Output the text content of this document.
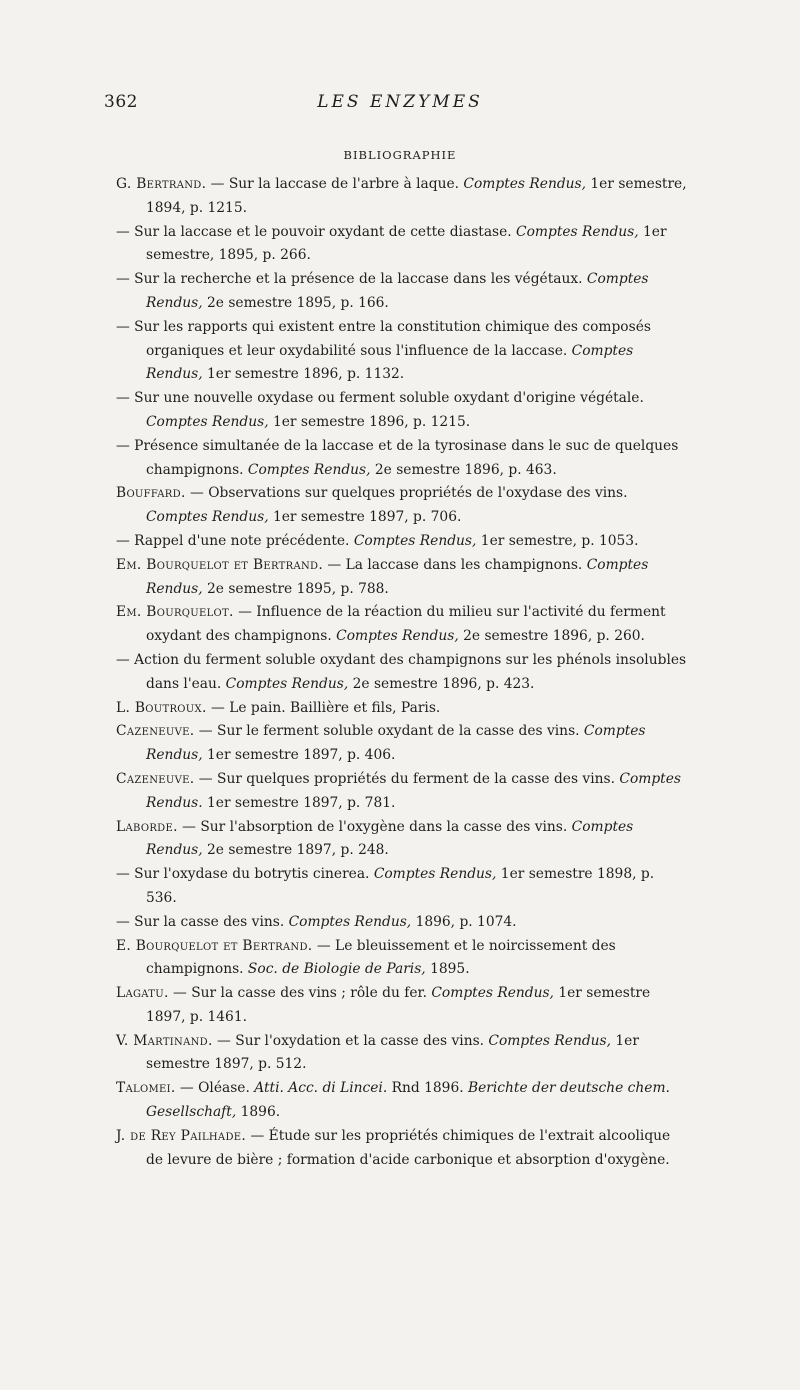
362	LES ENZYMES
BIBLIOGRAPHIE
G. Bertrand. — Sur la laccase de l'arbre à laque. Comptes Rendus, 1er semestre, 1894, p. 1215.
— Sur la laccase et le pouvoir oxydant de cette diastase. Comptes Rendus, 1er semestre, 1895, p. 266.
— Sur la recherche et la présence de la laccase dans les végétaux. Comptes Rendus, 2e semestre 1895, p. 166.
— Sur les rapports qui existent entre la constitution chimique des composés organiques et leur oxydabilité sous l'influence de la laccase. Comptes Rendus, 1er semestre 1896, p. 1132.
— Sur une nouvelle oxydase ou ferment soluble oxydant d'origine végétale. Comptes Rendus, 1er semestre 1896, p. 1215.
— Présence simultanée de la laccase et de la tyrosinase dans le suc de quelques champignons. Comptes Rendus, 2e semestre 1896, p. 463.
Bouffard. — Observations sur quelques propriétés de l'oxydase des vins. Comptes Rendus, 1er semestre 1897, p. 706.
— Rappel d'une note précédente. Comptes Rendus, 1er semestre, p. 1053.
Em. Bourquelot et Bertrand. — La laccase dans les champignons. Comptes Rendus, 2e semestre 1895, p. 788.
Em. Bourquelot. — Influence de la réaction du milieu sur l'activité du ferment oxydant des champignons. Comptes Rendus, 2e semestre 1896, p. 260.
— Action du ferment soluble oxydant des champignons sur les phénols insolubles dans l'eau. Comptes Rendus, 2e semestre 1896, p. 423.
L. Boutroux. — Le pain. Baillière et fils, Paris.
Cazeneuve. — Sur le ferment soluble oxydant de la casse des vins. Comptes Rendus, 1er semestre 1897, p. 406.
Cazeneuve. — Sur quelques propriétés du ferment de la casse des vins. Comptes Rendus. 1er semestre 1897, p. 781.
Laborde. — Sur l'absorption de l'oxygène dans la casse des vins. Comptes Rendus, 2e semestre 1897, p. 248.
— Sur l'oxydase du botrytis cinerea. Comptes Rendus, 1er semestre 1898, p. 536.
— Sur la casse des vins. Comptes Rendus, 1896, p. 1074.
E. Bourquelot et Bertrand. — Le bleuissement et le noircissement des champignons. Soc. de Biologie de Paris, 1895.
Lagatu. — Sur la casse des vins ; rôle du fer. Comptes Rendus, 1er semestre 1897, p. 1461.
V. Martinand. — Sur l'oxydation et la casse des vins. Comptes Rendus, 1er semestre 1897, p. 512.
Talomei. — Oléase. Atti. Acc. di Lincei. Rnd 1896. Berichte der deutsche chem. Gesellschaft, 1896.
J. de Rey Pailhade. — Étude sur les propriétés chimiques de l'extrait alcoolique de levure de bière ; formation d'acide carbonique et absorption d'oxygène.
